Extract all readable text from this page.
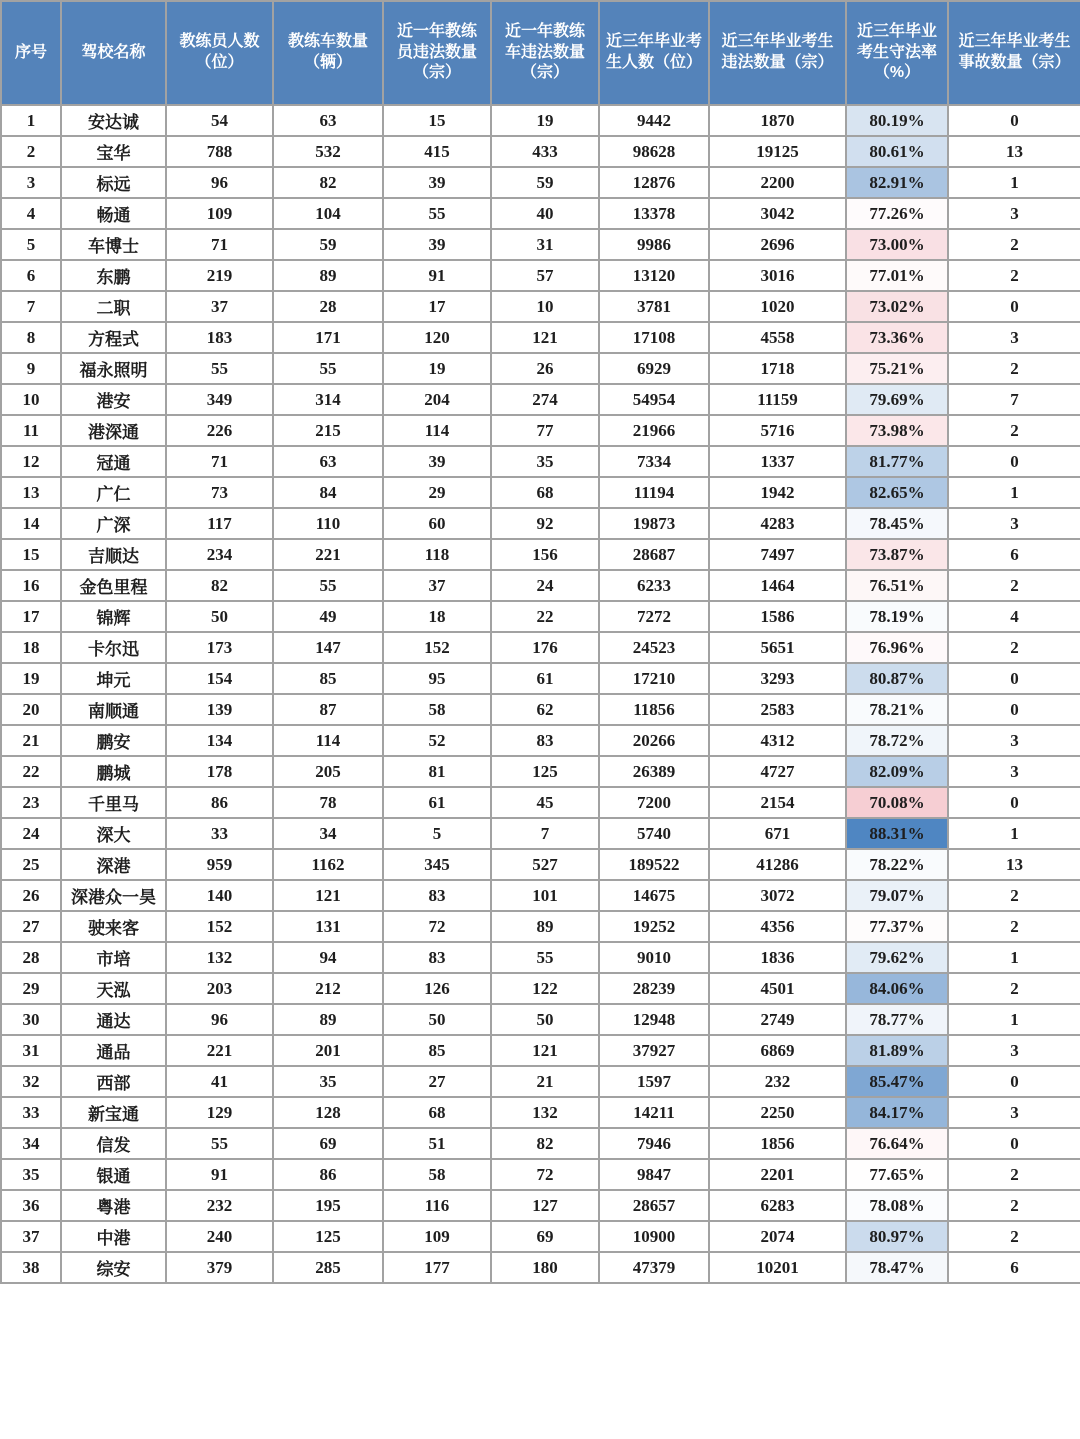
序号	驾校名称	教练员人数（位）	教练车数量（辆）	近一年教练员违法数量（宗）	近一年教练车违法数量（宗）	近三年毕业考生人数（位）	近三年毕业考生违法数量（宗）	近三年毕业考生守法率（%）	近三年毕业考生事故数量（宗）
1	安达诚	54	63	15	19	9442	1870	80.19%	0
2	宝华	788	532	415	433	98628	19125	80.61%	13
3	标远	96	82	39	59	12876	2200	82.91%	1
4	畅通	109	104	55	40	13378	3042	77.26%	3
5	车博士	71	59	39	31	9986	2696	73.00%	2
6	东鹏	219	89	91	57	13120	3016	77.01%	2
7	二职	37	28	17	10	3781	1020	73.02%	0
8	方程式	183	171	120	121	17108	4558	73.36%	3
9	福永照明	55	55	19	26	6929	1718	75.21%	2
10	港安	349	314	204	274	54954	11159	79.69%	7
11	港深通	226	215	114	77	21966	5716	73.98%	2
12	冠通	71	63	39	35	7334	1337	81.77%	0
13	广仁	73	84	29	68	11194	1942	82.65%	1
14	广深	117	110	60	92	19873	4283	78.45%	3
15	吉顺达	234	221	118	156	28687	7497	73.87%	6
16	金色里程	82	55	37	24	6233	1464	76.51%	2
17	锦辉	50	49	18	22	7272	1586	78.19%	4
18	卡尔迅	173	147	152	176	24523	5651	76.96%	2
19	坤元	154	85	95	61	17210	3293	80.87%	0
20	南顺通	139	87	58	62	11856	2583	78.21%	0
21	鹏安	134	114	52	83	20266	4312	78.72%	3
22	鹏城	178	205	81	125	26389	4727	82.09%	3
23	千里马	86	78	61	45	7200	2154	70.08%	0
24	深大	33	34	5	7	5740	671	88.31%	1
25	深港	959	1162	345	527	189522	41286	78.22%	13
26	深港众一昊	140	121	83	101	14675	3072	79.07%	2
27	驶来客	152	131	72	89	19252	4356	77.37%	2
28	市培	132	94	83	55	9010	1836	79.62%	1
29	天泓	203	212	126	122	28239	4501	84.06%	2
30	通达	96	89	50	50	12948	2749	78.77%	1
31	通品	221	201	85	121	37927	6869	81.89%	3
32	西部	41	35	27	21	1597	232	85.47%	0
33	新宝通	129	128	68	132	14211	2250	84.17%	3
34	信发	55	69	51	82	7946	1856	76.64%	0
35	银通	91	86	58	72	9847	2201	77.65%	2
36	粤港	232	195	116	127	28657	6283	78.08%	2
37	中港	240	125	109	69	10900	2074	80.97%	2
38	综安	379	285	177	180	47379	10201	78.47%	6
